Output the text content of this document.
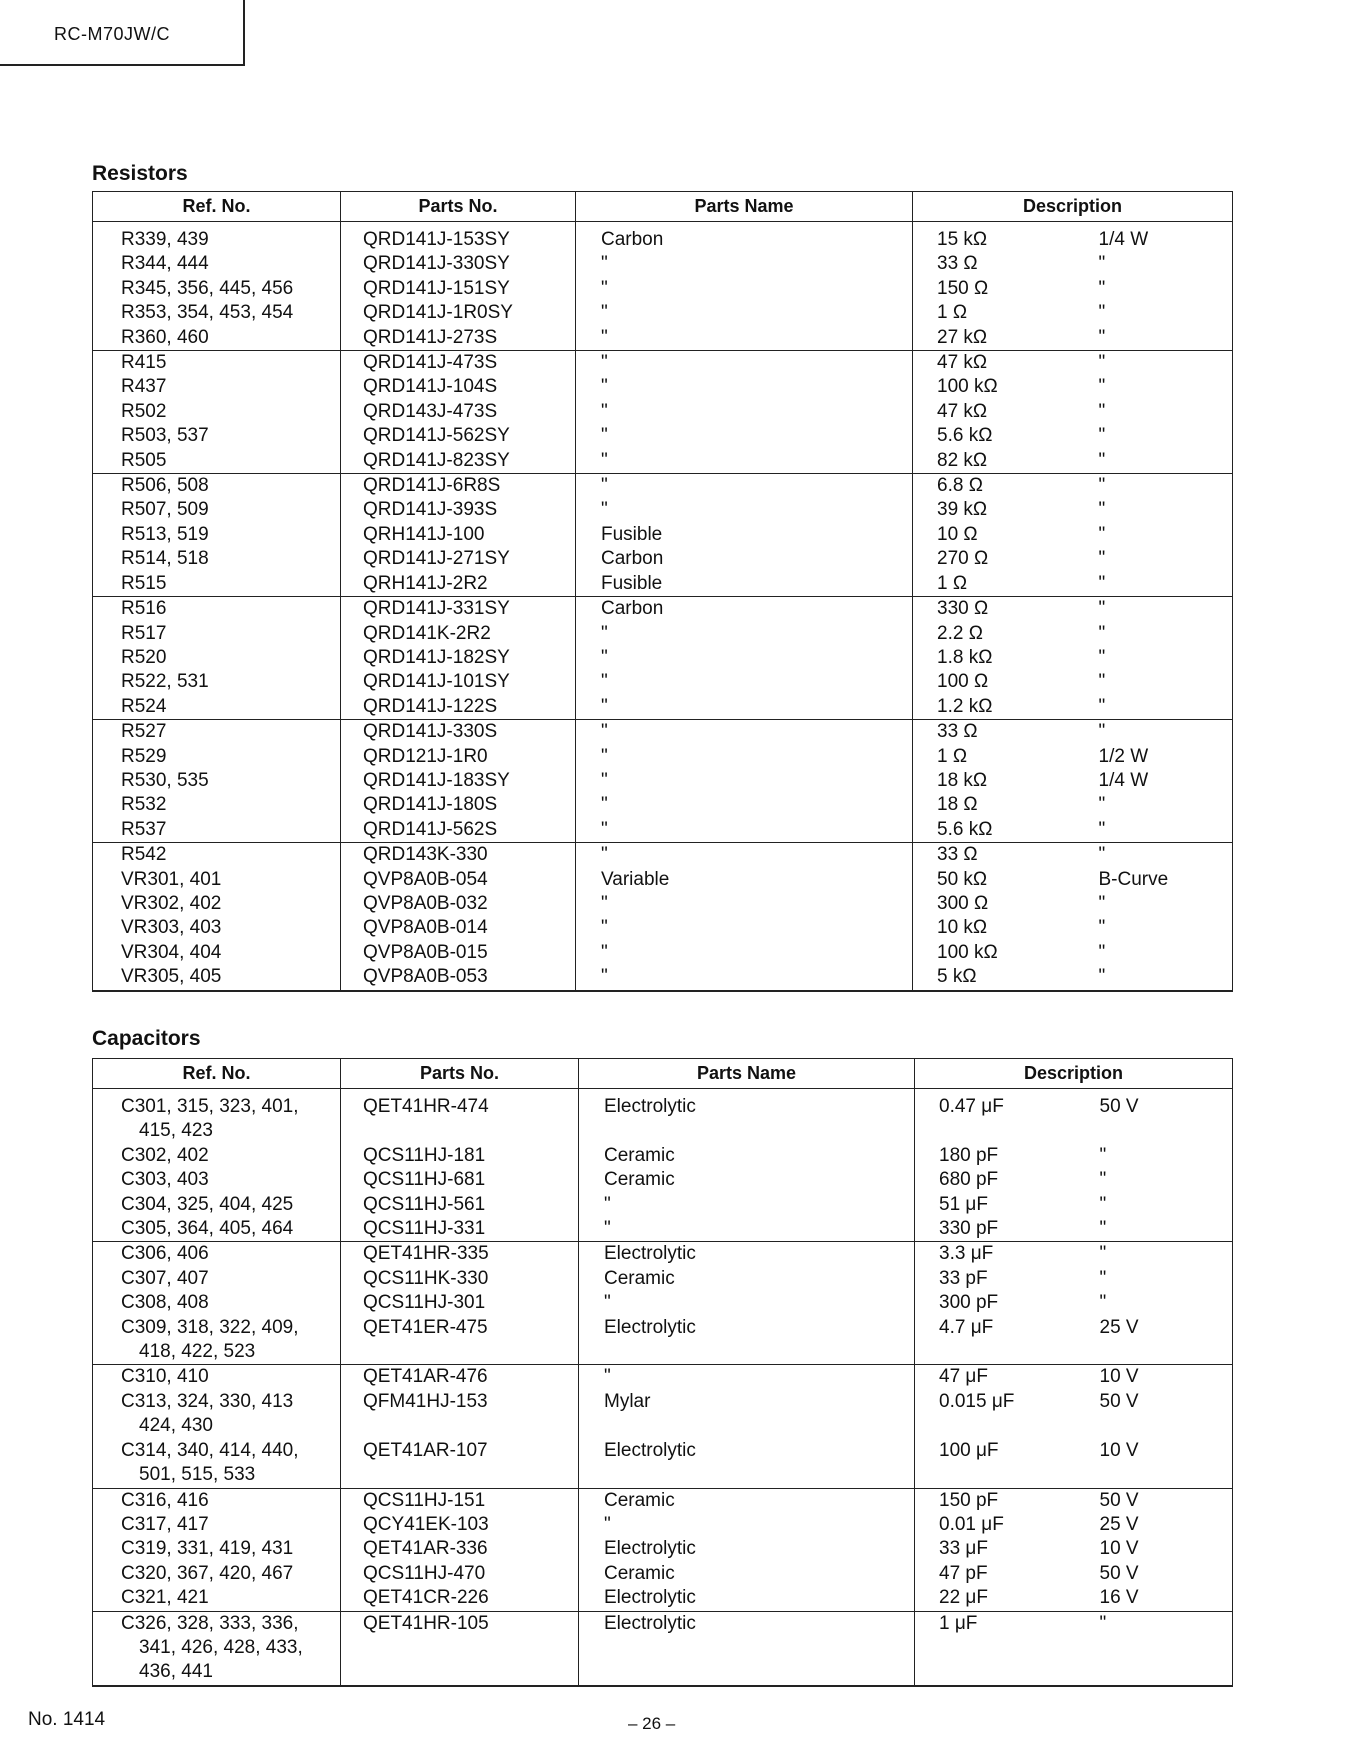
RC-M70JW/C
Resistors
Ref. No.	Parts No.	Parts Name	Description	
R339, 439	QRD141J-153SY	Carbon	15 kΩ	1/4 W
R344, 444	QRD141J-330SY	"	33 Ω	"
R345, 356, 445, 456	QRD141J-151SY	"	150 Ω	"
R353, 354, 453, 454	QRD141J-1R0SY	"	1 Ω	"
R360, 460	QRD141J-273S	"	27 kΩ	"
R415	QRD141J-473S	"	47 kΩ	"
R437	QRD141J-104S	"	100 kΩ	"
R502	QRD143J-473S	"	47 kΩ	"
R503, 537	QRD141J-562SY	"	5.6 kΩ	"
R505	QRD141J-823SY	"	82 kΩ	"
R506, 508	QRD141J-6R8S	"	6.8 Ω	"
R507, 509	QRD141J-393S	"	39 kΩ	"
R513, 519	QRH141J-100	Fusible	10 Ω	"
R514, 518	QRD141J-271SY	Carbon	270 Ω	"
R515	QRH141J-2R2	Fusible	1 Ω	"
R516	QRD141J-331SY	Carbon	330 Ω	"
R517	QRD141K-2R2	"	2.2 Ω	"
R520	QRD141J-182SY	"	1.8 kΩ	"
R522, 531	QRD141J-101SY	"	100 Ω	"
R524	QRD141J-122S	"	1.2 kΩ	"
R527	QRD141J-330S	"	33 Ω	"
R529	QRD121J-1R0	"	1 Ω	1/2 W
R530, 535	QRD141J-183SY	"	18 kΩ	1/4 W
R532	QRD141J-180S	"	18 Ω	"
R537	QRD141J-562S	"	5.6 kΩ	"
R542	QRD143K-330	"	33 Ω	"
VR301, 401	QVP8A0B-054	Variable	50 kΩ	B-Curve
VR302, 402	QVP8A0B-032	"	300 Ω	"
VR303, 403	QVP8A0B-014	"	10 kΩ	"
VR304, 404	QVP8A0B-015	"	100 kΩ	"
VR305, 405	QVP8A0B-053	"	5 kΩ	"
Capacitors
Ref. No.	Parts No.	Parts Name	Description	
C301, 315, 323, 401,	QET41HR-474	Electrolytic	0.47 μF	50 V

415, 423				

C302, 402	QCS11HJ-181	Ceramic	180 pF	"
C303, 403	QCS11HJ-681	Ceramic	680 pF	"
C304, 325, 404, 425	QCS11HJ-561	"	51 μF	"
C305, 364, 405, 464	QCS11HJ-331	"	330 pF	"
C306, 406	QET41HR-335	Electrolytic	3.3 μF	"
C307, 407	QCS11HK-330	Ceramic	33 pF	"
C308, 408	QCS11HJ-301	"	300 pF	"
C309, 318, 322, 409,	QET41ER-475	Electrolytic	4.7 μF	25 V

418, 422, 523				

C310, 410	QET41AR-476	"	47 μF	10 V
C313, 324, 330, 413	QFM41HJ-153	Mylar	0.015 μF	50 V

424, 430				

C314, 340, 414, 440,	QET41AR-107	Electrolytic	100 μF	10 V

501, 515, 533				

C316, 416	QCS11HJ-151	Ceramic	150 pF	50 V
C317, 417	QCY41EK-103	"	0.01 μF	25 V
C319, 331, 419, 431	QET41AR-336	Electrolytic	33 μF	10 V
C320, 367, 420, 467	QCS11HJ-470	Ceramic	47 pF	50 V
C321, 421	QET41CR-226	Electrolytic	22 μF	16 V
C326, 328, 333, 336,	QET41HR-105	Electrolytic	1 μF	"

341, 426, 428, 433,				

436, 441				

No. 1414	– 26 –
